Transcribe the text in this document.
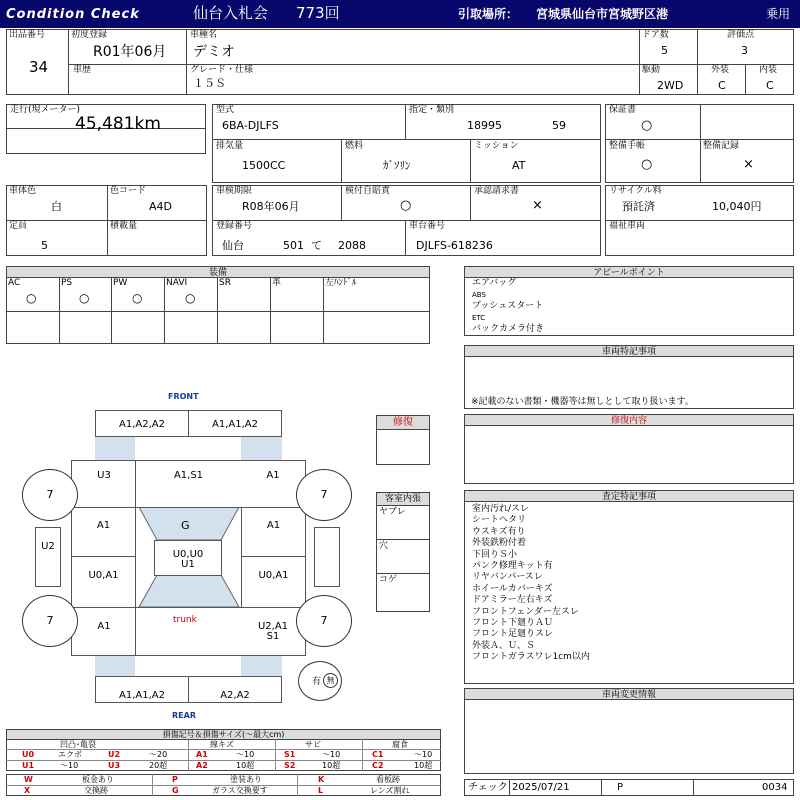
Condition Check	仙台入札会 773回	引取場所： 宮城県仙台市宮城野区港	乗用
出品番号
34
初度登録
R01年06月
車種名
デミオ
ドア数
5
評価点
3
車歴	グレード・仕様
１５Ｓ
駆動
2WD
外装
C
内装
C
走行(現メーター)
45,481km
型式
6BA-DJLFS
指定・類別
18995	59
保証書
○
排気量
1500CC
燃料
ｶﾞｿﾘﾝ
ミッション
AT
整備手帳
○
整備記録
×
車体色
白
色コード
A4D
車検期限
R08年06月
検付自賠責
○
承認請求書
×
リサイクル料
預託済	10,040円
定員
5
積載量	登録番号
仙台	501 て 2088
車台番号
DJLFS-618236
福祉車両
装備
AC	PS	PW	NAVI	SR	革	左ﾊﾝﾄﾞﾙ
○	○	○	○
アピールポイント
エアバッグ
ABS
プッシュスタート
ETC
バックカメラ付き
車両特記事項
※記載のない書類・機器等は無しとして取り扱います。
修復内容
査定特記事項
室内汚れ/スレ
シートヘタリ
ウスキズ有り
外装鉄粉付着
下回りＳ小
パンク修理キット有
リヤバンパースレ
ホイールカバーキズ
ドアミラー左右キズ
フロントフェンダー左スレ
フロント下廻りＡＵ
フロント足廻りスレ
外装Ａ、Ｕ、Ｓ
フロントガラスワレ1cm以内
車両変更情報
チェック 2025/07/21	P	0034
FRONT
REAR
A1,A2,A2	A1,A1,A2
U3	A1,S1	A1
A1	G	A1
U0,U0
U1
U0,A1	U0,A1
A1
trunk
U2,A1
S1
A1,A1,A2	A2,A2
U2
7	7
7	7
有 無
修復
客室内張
ヤブレ
穴
コゲ
損傷記号＆損傷サイズ(〜最大cm)
凹凸･亀裂	線キズ	サビ	腐食
U0	エクボ	U2	〜20	A1	〜10	S1	〜10	C1	〜10
U1	〜10	U3	20超	A2	10超	S2	10超	C2	10超
W	板金あり	P	塗装あり	K	看板跡
X	交換跡	G	ガラス交換要す	L	レンズ割れ
